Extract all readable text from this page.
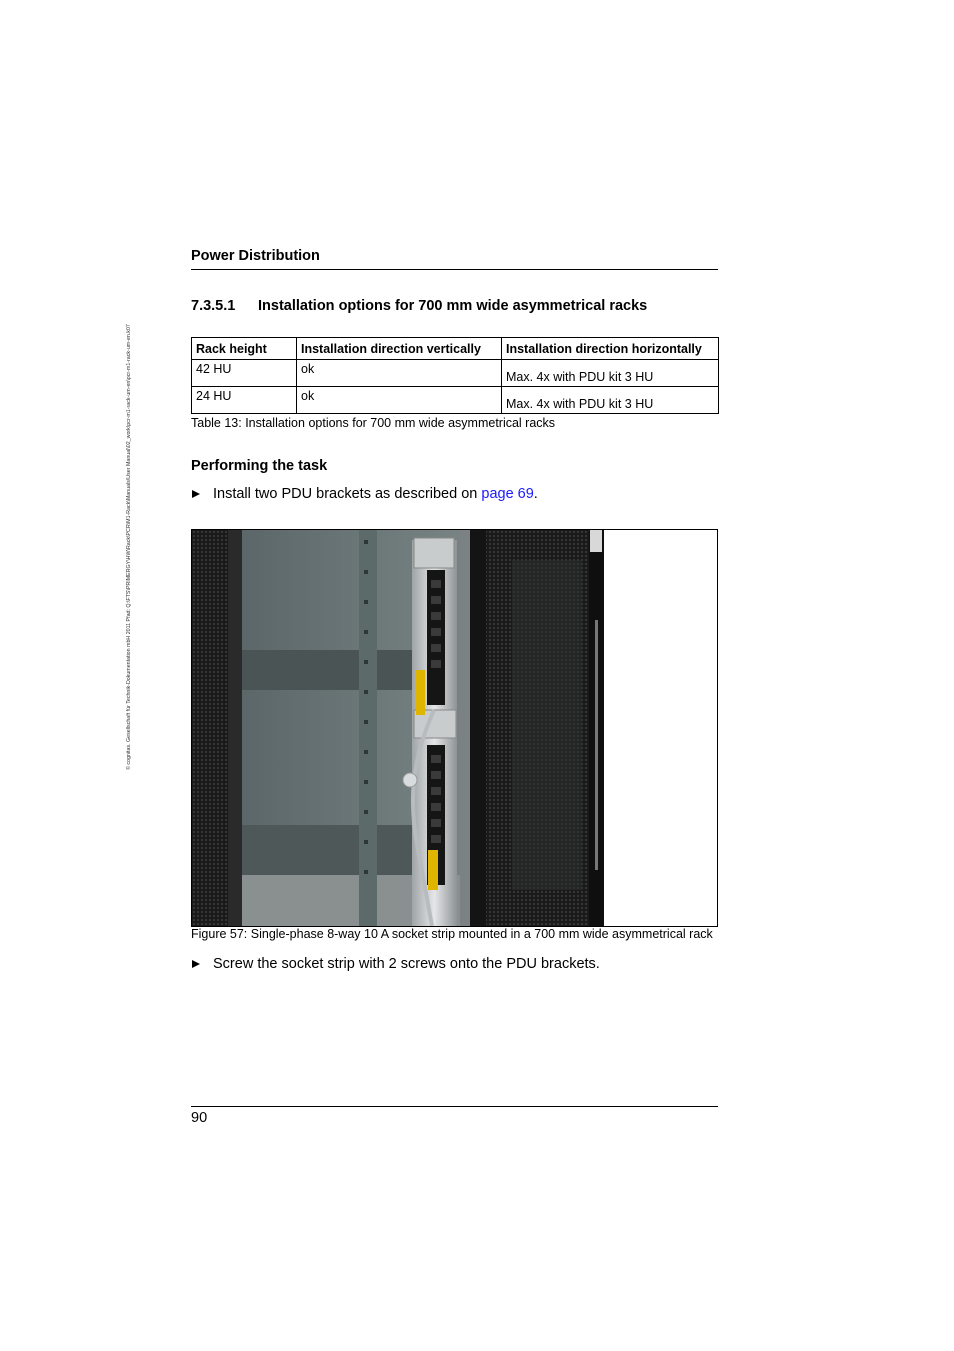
© cognitas. Gesellschaft für Technik-Dokumentation mbH 2011 Pfad: Q:\FTS\PRIMERGY\HW\Rack\PCR\M1-Rack\Manuals\User Manual\02_work\pcr-m1-rack-um-en\pcr-m1-rack-um-en.k07
Power Distribution
7.3.5.1 Installation options for 700 mm wide asymmetrical racks
Rack height	Installation direction vertically	Installation direction horizontally
42 HU	ok	Max. 4x with PDU kit 3 HU
24 HU	ok	Max. 4x with PDU kit 3 HU
Table 13: Installation options for 700 mm wide asymmetrical racks
Performing the task
Install two PDU brackets as described on
page 69 .
Figure 57: Single-phase 8-way 10 A socket strip mounted in a 700 mm wide asymmetrical rack
Screw the socket strip with 2 screws onto the PDU brackets.
90
